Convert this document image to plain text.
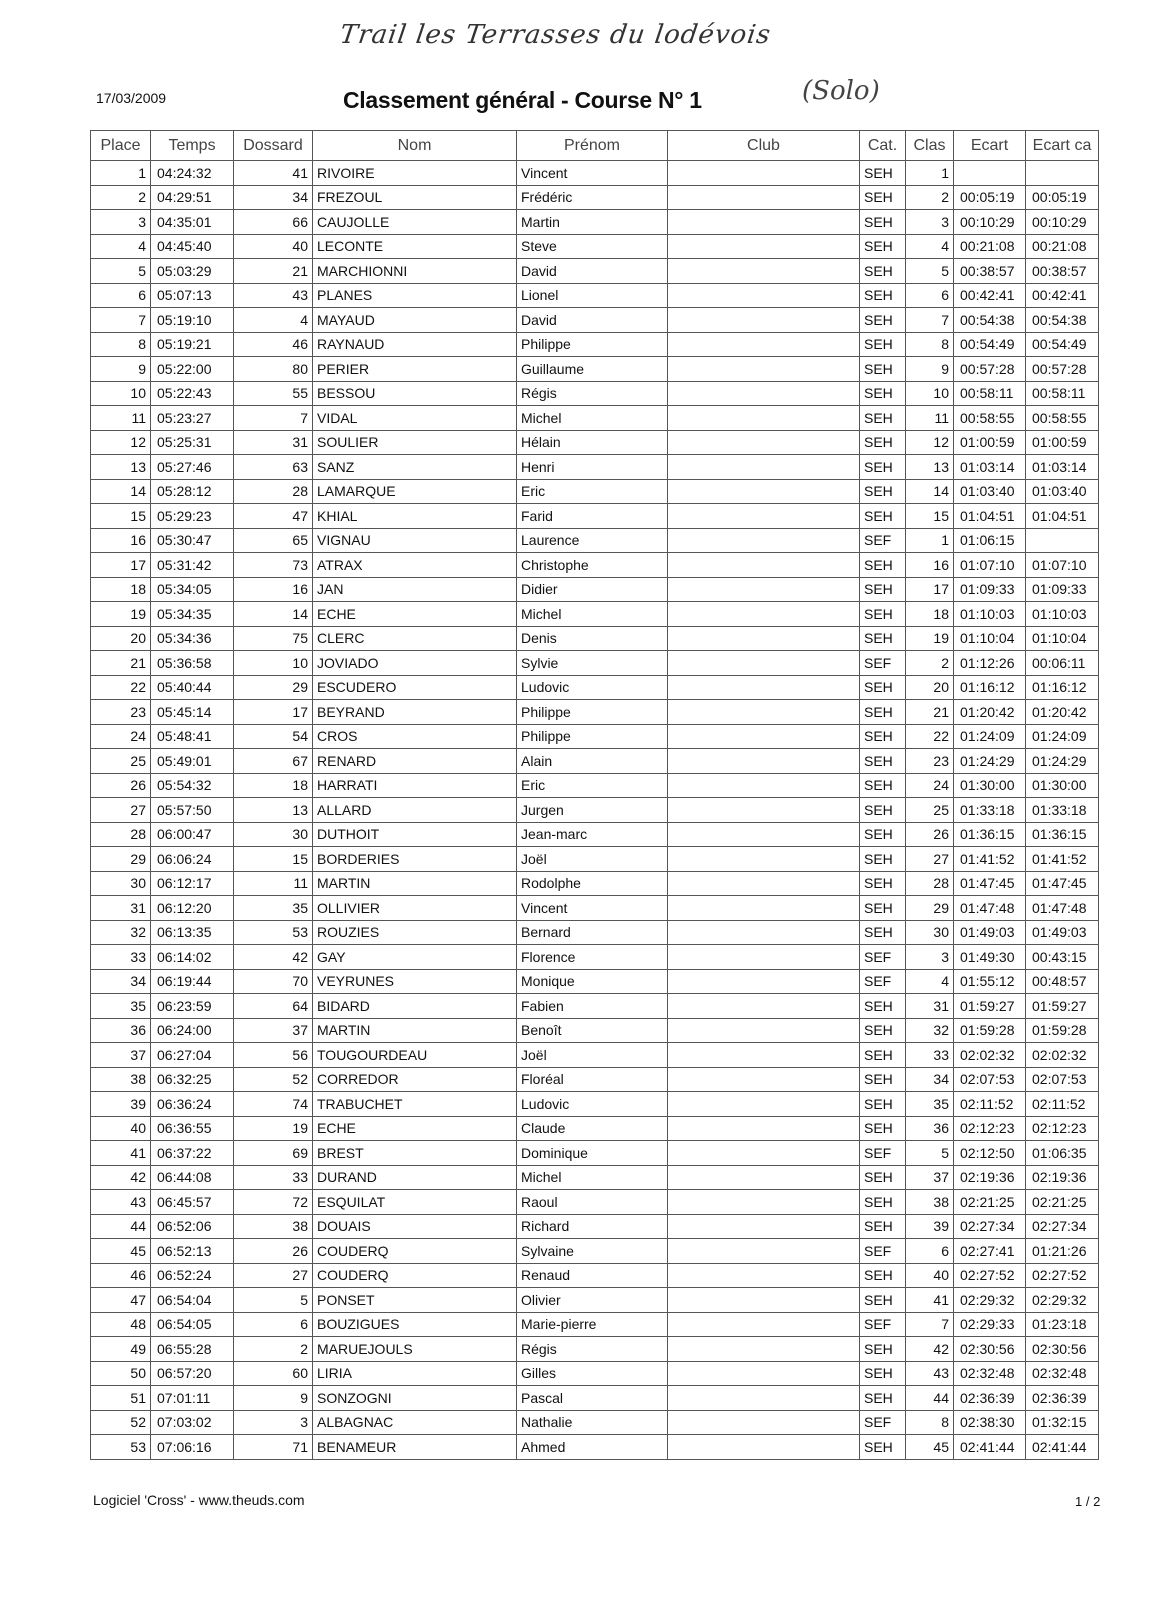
Trail les Terrasses du lodévois
17/03/2009	Classement général - Course N° 1	(Solo)
Place	Temps	Dossard	Nom	Prénom	Club	Cat.	Clas	Ecart	Ecart ca
1	04:24:32	41	RIVOIRE	Vincent		SEH	1		
2	04:29:51	34	FREZOUL	Frédéric		SEH	2	00:05:19	00:05:19
3	04:35:01	66	CAUJOLLE	Martin		SEH	3	00:10:29	00:10:29
4	04:45:40	40	LECONTE	Steve		SEH	4	00:21:08	00:21:08
5	05:03:29	21	MARCHIONNI	David		SEH	5	00:38:57	00:38:57
6	05:07:13	43	PLANES	Lionel		SEH	6	00:42:41	00:42:41
7	05:19:10	4	MAYAUD	David		SEH	7	00:54:38	00:54:38
8	05:19:21	46	RAYNAUD	Philippe		SEH	8	00:54:49	00:54:49
9	05:22:00	80	PERIER	Guillaume		SEH	9	00:57:28	00:57:28
10	05:22:43	55	BESSOU	Régis		SEH	10	00:58:11	00:58:11
11	05:23:27	7	VIDAL	Michel		SEH	11	00:58:55	00:58:55
12	05:25:31	31	SOULIER	Hélain		SEH	12	01:00:59	01:00:59
13	05:27:46	63	SANZ	Henri		SEH	13	01:03:14	01:03:14
14	05:28:12	28	LAMARQUE	Eric		SEH	14	01:03:40	01:03:40
15	05:29:23	47	KHIAL	Farid		SEH	15	01:04:51	01:04:51
16	05:30:47	65	VIGNAU	Laurence		SEF	1	01:06:15	
17	05:31:42	73	ATRAX	Christophe		SEH	16	01:07:10	01:07:10
18	05:34:05	16	JAN	Didier		SEH	17	01:09:33	01:09:33
19	05:34:35	14	ECHE	Michel		SEH	18	01:10:03	01:10:03
20	05:34:36	75	CLERC	Denis		SEH	19	01:10:04	01:10:04
21	05:36:58	10	JOVIADO	Sylvie		SEF	2	01:12:26	00:06:11
22	05:40:44	29	ESCUDERO	Ludovic		SEH	20	01:16:12	01:16:12
23	05:45:14	17	BEYRAND	Philippe		SEH	21	01:20:42	01:20:42
24	05:48:41	54	CROS	Philippe		SEH	22	01:24:09	01:24:09
25	05:49:01	67	RENARD	Alain		SEH	23	01:24:29	01:24:29
26	05:54:32	18	HARRATI	Eric		SEH	24	01:30:00	01:30:00
27	05:57:50	13	ALLARD	Jurgen		SEH	25	01:33:18	01:33:18
28	06:00:47	30	DUTHOIT	Jean-marc		SEH	26	01:36:15	01:36:15
29	06:06:24	15	BORDERIES	Joël		SEH	27	01:41:52	01:41:52
30	06:12:17	11	MARTIN	Rodolphe		SEH	28	01:47:45	01:47:45
31	06:12:20	35	OLLIVIER	Vincent		SEH	29	01:47:48	01:47:48
32	06:13:35	53	ROUZIES	Bernard		SEH	30	01:49:03	01:49:03
33	06:14:02	42	GAY	Florence		SEF	3	01:49:30	00:43:15
34	06:19:44	70	VEYRUNES	Monique		SEF	4	01:55:12	00:48:57
35	06:23:59	64	BIDARD	Fabien		SEH	31	01:59:27	01:59:27
36	06:24:00	37	MARTIN	Benoît		SEH	32	01:59:28	01:59:28
37	06:27:04	56	TOUGOURDEAU	Joël		SEH	33	02:02:32	02:02:32
38	06:32:25	52	CORREDOR	Floréal		SEH	34	02:07:53	02:07:53
39	06:36:24	74	TRABUCHET	Ludovic		SEH	35	02:11:52	02:11:52
40	06:36:55	19	ECHE	Claude		SEH	36	02:12:23	02:12:23
41	06:37:22	69	BREST	Dominique		SEF	5	02:12:50	01:06:35
42	06:44:08	33	DURAND	Michel		SEH	37	02:19:36	02:19:36
43	06:45:57	72	ESQUILAT	Raoul		SEH	38	02:21:25	02:21:25
44	06:52:06	38	DOUAIS	Richard		SEH	39	02:27:34	02:27:34
45	06:52:13	26	COUDERQ	Sylvaine		SEF	6	02:27:41	01:21:26
46	06:52:24	27	COUDERQ	Renaud		SEH	40	02:27:52	02:27:52
47	06:54:04	5	PONSET	Olivier		SEH	41	02:29:32	02:29:32
48	06:54:05	6	BOUZIGUES	Marie-pierre		SEF	7	02:29:33	01:23:18
49	06:55:28	2	MARUEJOULS	Régis		SEH	42	02:30:56	02:30:56
50	06:57:20	60	LIRIA	Gilles		SEH	43	02:32:48	02:32:48
51	07:01:11	9	SONZOGNI	Pascal		SEH	44	02:36:39	02:36:39
52	07:03:02	3	ALBAGNAC	Nathalie		SEF	8	02:38:30	01:32:15
53	07:06:16	71	BENAMEUR	Ahmed		SEH	45	02:41:44	02:41:44
Logiciel 'Cross' - www.theuds.com	1 / 2
